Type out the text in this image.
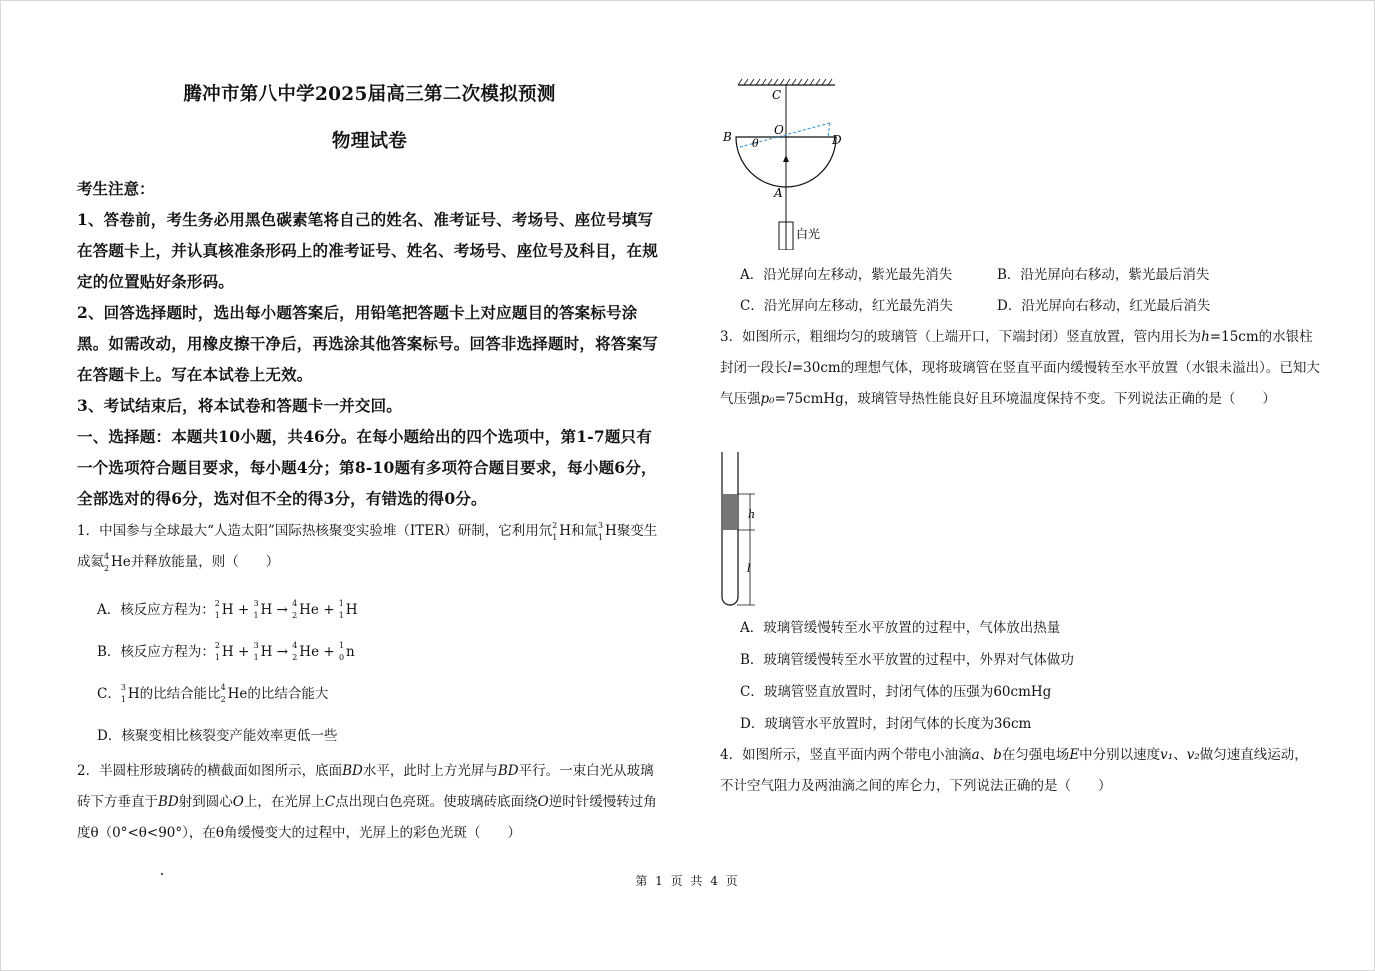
腾冲市第八中学2025届高三第二次模拟预测

物理试卷

考生注意：

1、答卷前，考生务必用黑色碳素笔将自己的姓名、准考证号、考场号、座位号填写在答题卡上，并认真核准条形码上的准考证号、姓名、考场号、座位号及科目，在规定的位置贴好条形码。

2、回答选择题时，选出每小题答案后，用铅笔把答题卡上对应题目的答案标号涂黑。如需改动，用橡皮擦干净后，再选涂其他答案标号。回答非选择题时，将答案写在答题卡上。写在本试卷上无效。

3、考试结束后，将本试卷和答题卡一并交回。

一、选择题：本题共10小题，共46分。在每小题给出的四个选项中，第1-7题只有一个选项符合题目要求，每小题4分；第8-10题有多项符合题目要求，每小题6分，全部选对的得6分，选对但不全的得3分，有错选的得0分。

1．中国参与全球最大“人造太阳”国际热核聚变实验堆（ITER）研制，它利用氘 2
1 H和氚 3
1 H聚变生成氦 4
2 He并释放能量，则（　　）

A．核反应方程为： 2
1 H + 3
1 H → 4
2 He + 1
1 H

B．核反应方程为： 2
1 H + 3
1 H → 4
2 He + 1
0 n

C． 3
1 H的比结合能比 4
2 He的比结合能大

D．核聚变相比核裂变产能效率更低一些

2．半圆柱形玻璃砖的横截面如图所示，底面BD水平，此时上方光屏与BD平行。一束白光从玻璃砖下方垂直于BD射到圆心O上，在光屏上C点出现白色亮斑。使玻璃砖底面绕O逆时针缓慢转过角度θ（0°<θ<90°），在θ角缓慢变大的过程中，光屏上的彩色光斑（　　）

C
O
B	D
θ
A
白光
A．沿光屏向左移动，紫光最先消失	B．沿光屏向右移动，紫光最后消失
C．沿光屏向左移动，红光最先消失	D．沿光屏向右移动，红光最后消失

3．如图所示，粗细均匀的玻璃管（上端开口，下端封闭）竖直放置，管内用长为h=15cm的水银柱封闭一段长l=30cm的理想气体，现将玻璃管在竖直平面内缓慢转至水平放置（水银未溢出）。已知大气压强p₀=75cmHg，玻璃管导热性能良好且环境温度保持不变。下列说法正确的是（　　）

h
l

A．玻璃管缓慢转至水平放置的过程中，气体放出热量

B．玻璃管缓慢转至水平放置的过程中，外界对气体做功

C．玻璃管竖直放置时，封闭气体的压强为60cmHg

D．玻璃管水平放置时，封闭气体的长度为36cm

4．如图所示，竖直平面内两个带电小油滴a、b在匀强电场E中分别以速度v₁、v₂做匀速直线运动，不计空气阻力及两油滴之间的库仑力，下列说法正确的是（　　）

第 1 页 共 4 页
